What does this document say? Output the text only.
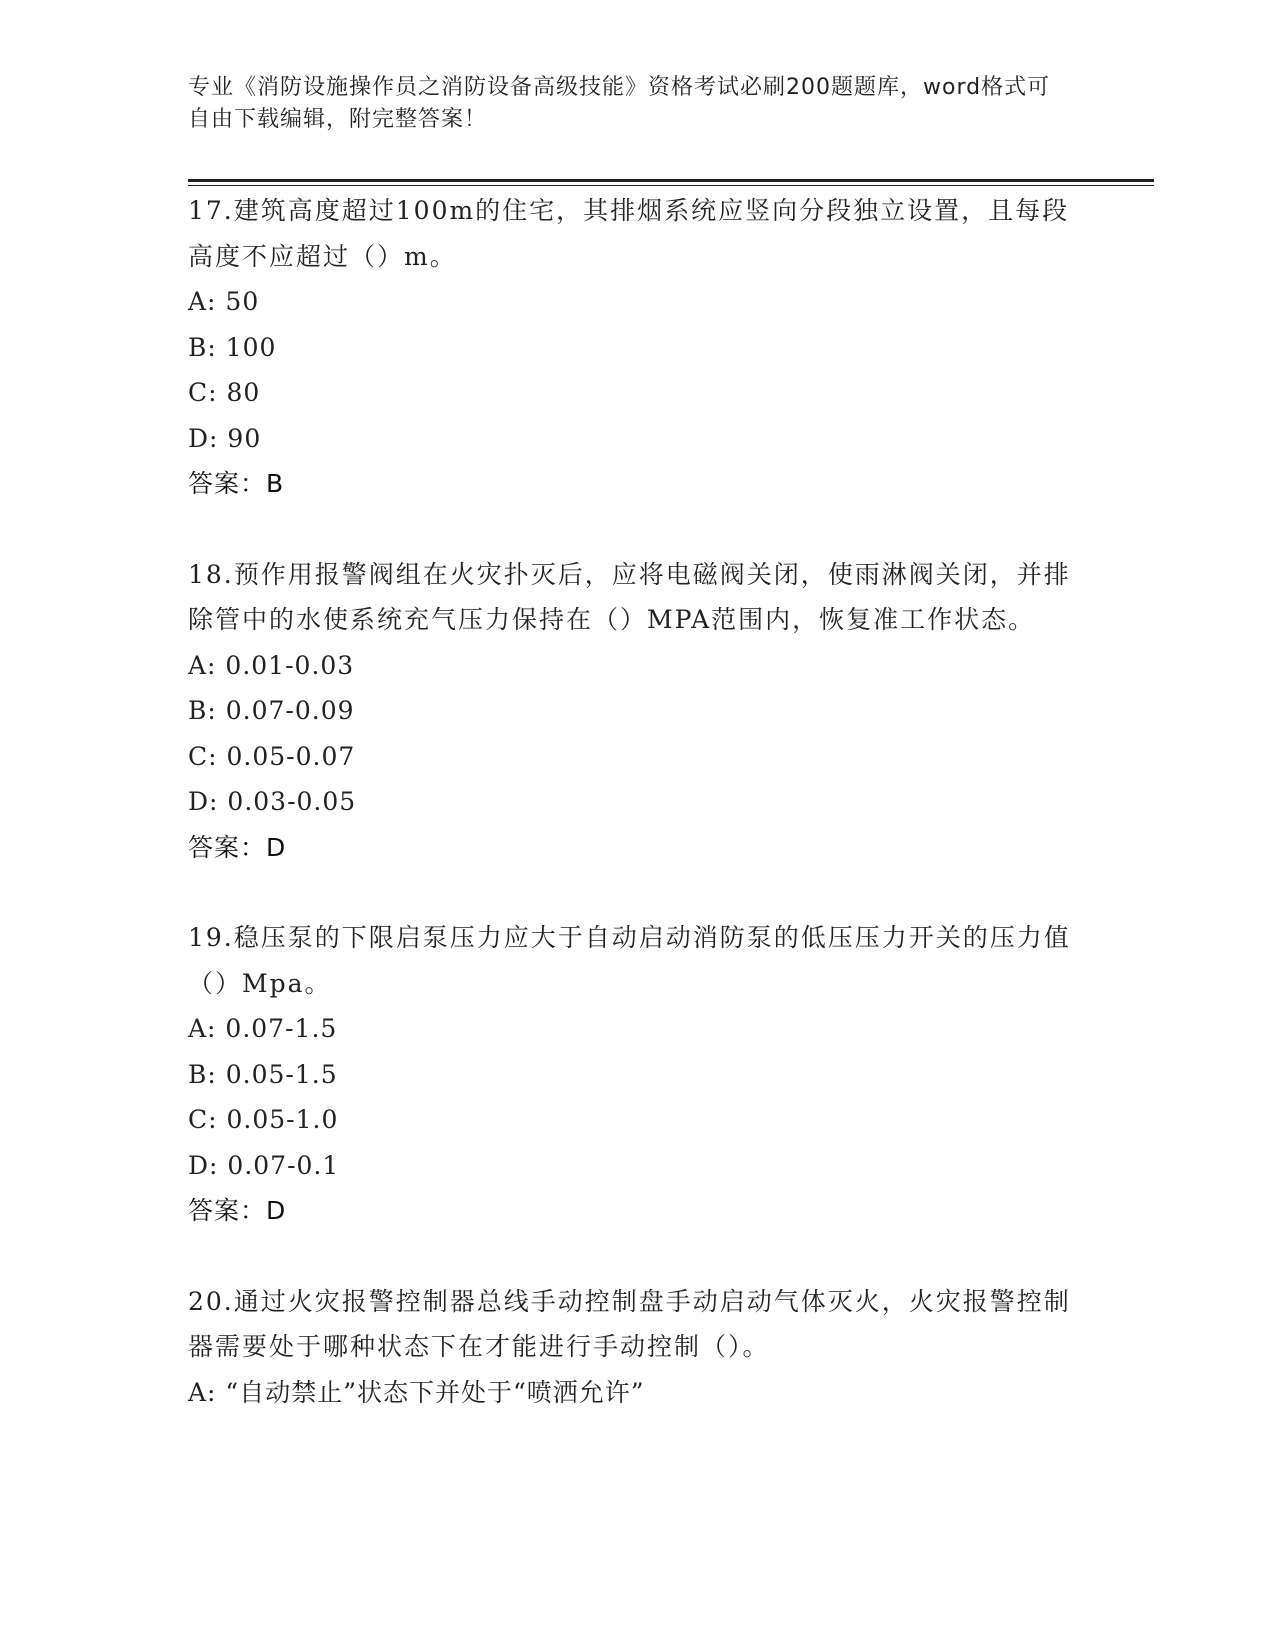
专业《消防设施操作员之消防设备高级技能》资格考试必刷200题题库，word格式可自由下载编辑，附完整答案！
17.建筑高度超过100m的住宅，其排烟系统应竖向分段独立设置，且每段高度不应超过（）m。
A: 50
B: 100
C: 80
D: 90
答案：B
18.预作用报警阀组在火灾扑灭后，应将电磁阀关闭，使雨淋阀关闭，并排除管中的水使系统充气压力保持在（）MPA范围内，恢复准工作状态。
A: 0.01-0.03
B: 0.07-0.09
C: 0.05-0.07
D: 0.03-0.05
答案：D
19.稳压泵的下限启泵压力应大于自动启动消防泵的低压压力开关的压力值（）Mpa。
A: 0.07-1.5
B: 0.05-1.5
C: 0.05-1.0
D: 0.07-0.1
答案：D
20.通过火灾报警控制器总线手动控制盘手动启动气体灭火，火灾报警控制器需要处于哪种状态下在才能进行手动控制（）。
A: “自动禁止”状态下并处于“喷洒允许”
